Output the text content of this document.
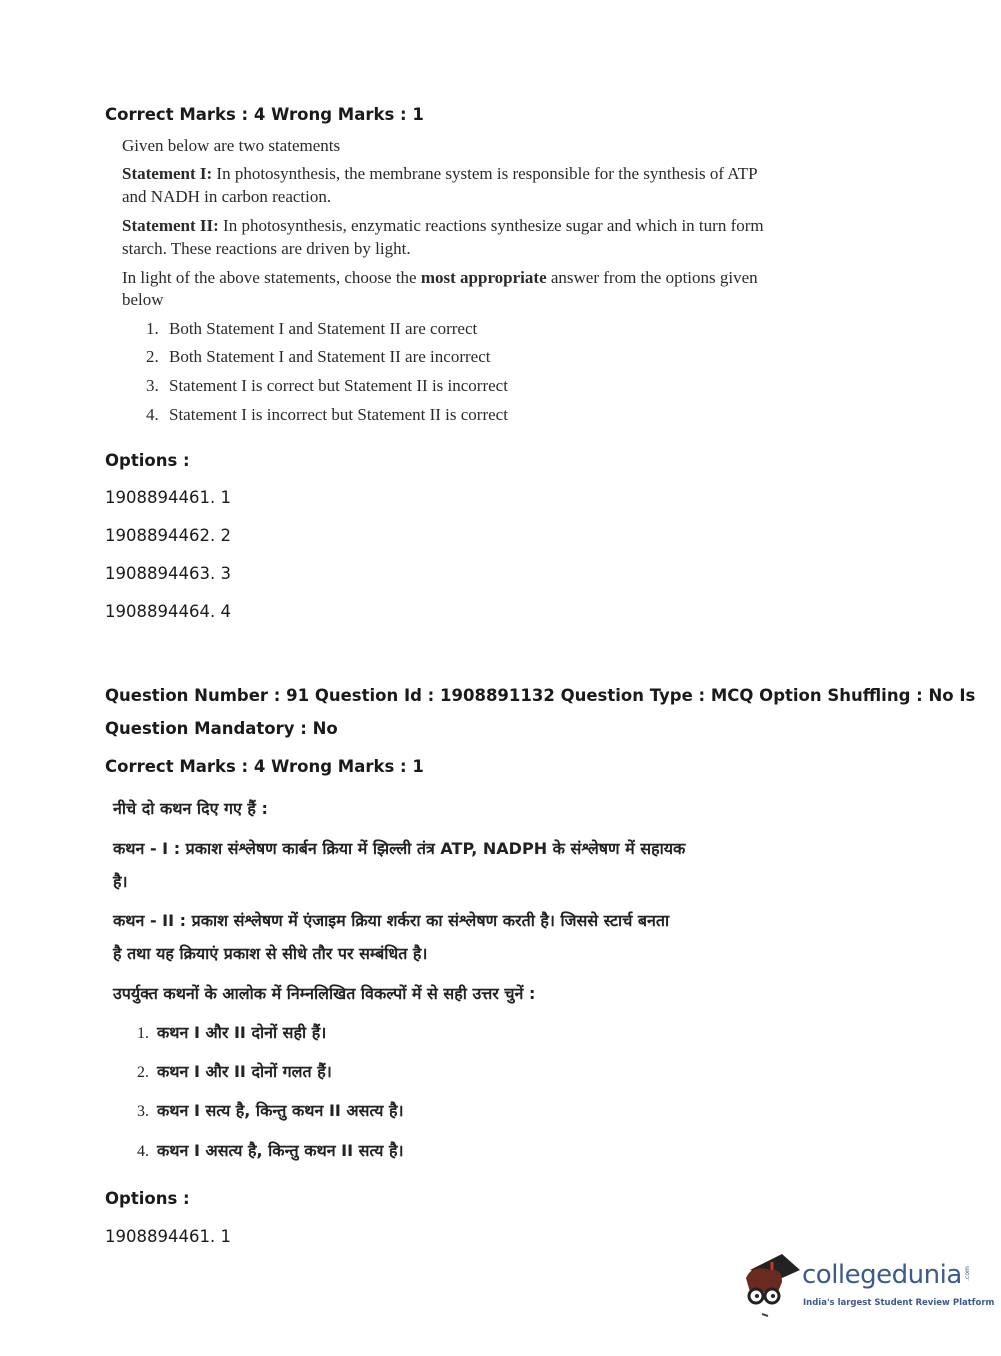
Correct Marks : 4 Wrong Marks : 1
Given below are two statements
Statement I: In photosynthesis, the membrane system is responsible for the synthesis of ATP
and NADH in carbon reaction.
Statement II: In photosynthesis, enzymatic reactions synthesize sugar and which in turn form
starch. These reactions are driven by light.
In light of the above statements, choose the most appropriate answer from the options given
below
1. Both Statement I and Statement II are correct
2. Both Statement I and Statement II are incorrect
3. Statement I is correct but Statement II is incorrect
4. Statement I is incorrect but Statement II is correct
Options :
1908894461. 1
1908894462. 2
1908894463. 3
1908894464. 4
Question Number : 91 Question Id : 1908891132 Question Type : MCQ Option Shuffling : No Is
Question Mandatory : No
Correct Marks : 4 Wrong Marks : 1
नीचे दो कथन दिए गए हैं :
कथन - I : प्रकाश संश्लेषण कार्बन क्रिया में झिल्ली तंत्र ATP, NADPH के संश्लेषण में सहायक
है।
कथन - II : प्रकाश संश्लेषण में एंजाइम क्रिया शर्करा का संश्लेषण करती है। जिससे स्टार्च बनता
है तथा यह क्रियाएं प्रकाश से सीधे तौर पर सम्बंधित है।
उपर्युक्त कथनों के आलोक में निम्नलिखित विकल्पों में से सही उत्तर चुनें :
1. कथन I और II दोनों सही हैं।
2. कथन I और II दोनों गलत हैं।
3. कथन I सत्य है, किन्तु कथन II असत्य है।
4. कथन I असत्य है, किन्तु कथन II सत्य है।
Options :
1908894461. 1
collegedunia .com
India's largest Student Review Platform
